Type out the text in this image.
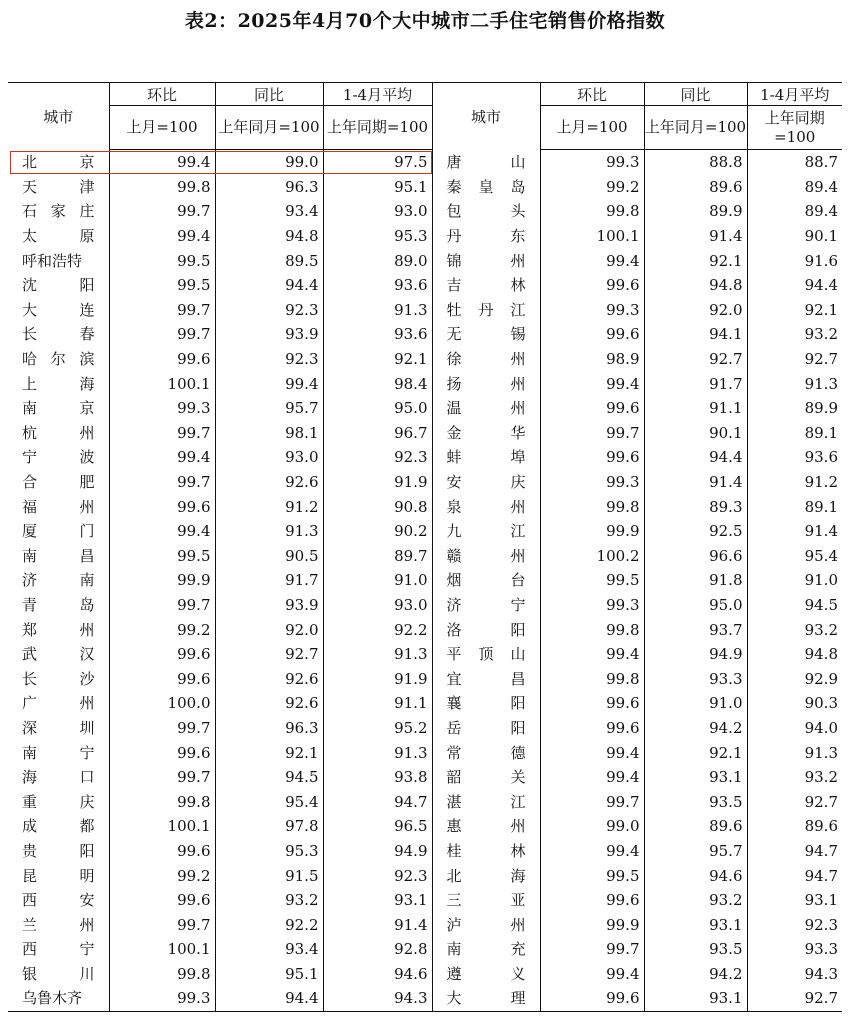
表2：2025年4月70个大中城市二手住宅销售价格指数
城市	环比	同比	1-4月平均	城市	环比	同比	1-4月平均
	上月=100	上年同月=100	上年同期=100		上月=100	上年同月=100	上年同期=100

北 京	99.4	99.0	97.5	唐 山	99.3	88.8	88.7

天 津	99.8	96.3	95.1	秦 皇 岛	99.2	89.6	89.4

石 家 庄	99.7	93.4	93.0	包 头	99.8	89.9	89.4

太 原	99.4	94.8	95.3	丹 东	100.1	91.4	90.1

呼和浩特	99.5	89.5	89.0	锦 州	99.4	92.1	91.6

沈 阳	99.5	94.4	93.6	吉 林	99.6	94.8	94.4

大 连	99.7	92.3	91.3	牡 丹 江	99.3	92.0	92.1

长 春	99.7	93.9	93.6	无 锡	99.6	94.1	93.2

哈 尔 滨	99.6	92.3	92.1	徐 州	98.9	92.7	92.7

上 海	100.1	99.4	98.4	扬 州	99.4	91.7	91.3

南 京	99.3	95.7	95.0	温 州	99.6	91.1	89.9

杭 州	99.7	98.1	96.7	金 华	99.7	90.1	89.1

宁 波	99.4	93.0	92.3	蚌 埠	99.6	94.4	93.6

合 肥	99.7	92.6	91.9	安 庆	99.3	91.4	91.2

福 州	99.6	91.2	90.8	泉 州	99.8	89.3	89.1

厦 门	99.4	91.3	90.2	九 江	99.9	92.5	91.4

南 昌	99.5	90.5	89.7	赣 州	100.2	96.6	95.4

济 南	99.9	91.7	91.0	烟 台	99.5	91.8	91.0

青 岛	99.7	93.9	93.0	济 宁	99.3	95.0	94.5

郑 州	99.2	92.0	92.2	洛 阳	99.8	93.7	93.2

武 汉	99.6	92.7	91.3	平 顶 山	99.4	94.9	94.8

长 沙	99.6	92.6	91.9	宜 昌	99.8	93.3	92.9

广 州	100.0	92.6	91.1	襄 阳	99.6	91.0	90.3

深 圳	99.7	96.3	95.2	岳 阳	99.6	94.2	94.0

南 宁	99.6	92.1	91.3	常 德	99.4	92.1	91.3

海 口	99.7	94.5	93.8	韶 关	99.4	93.1	93.2

重 庆	99.8	95.4	94.7	湛 江	99.7	93.5	92.7

成 都	100.1	97.8	96.5	惠 州	99.0	89.6	89.6

贵 阳	99.6	95.3	94.9	桂 林	99.4	95.7	94.7

昆 明	99.2	91.5	92.3	北 海	99.5	94.6	94.7

西 安	99.6	93.2	93.1	三 亚	99.6	93.2	93.1

兰 州	99.7	92.2	91.4	泸 州	99.9	93.1	92.3

西 宁	100.1	93.4	92.8	南 充	99.7	93.5	93.3

银 川	99.8	95.1	94.6	遵 义	99.4	94.2	94.3

乌鲁木齐	99.3	94.4	94.3	大 理	99.6	93.1	92.7
